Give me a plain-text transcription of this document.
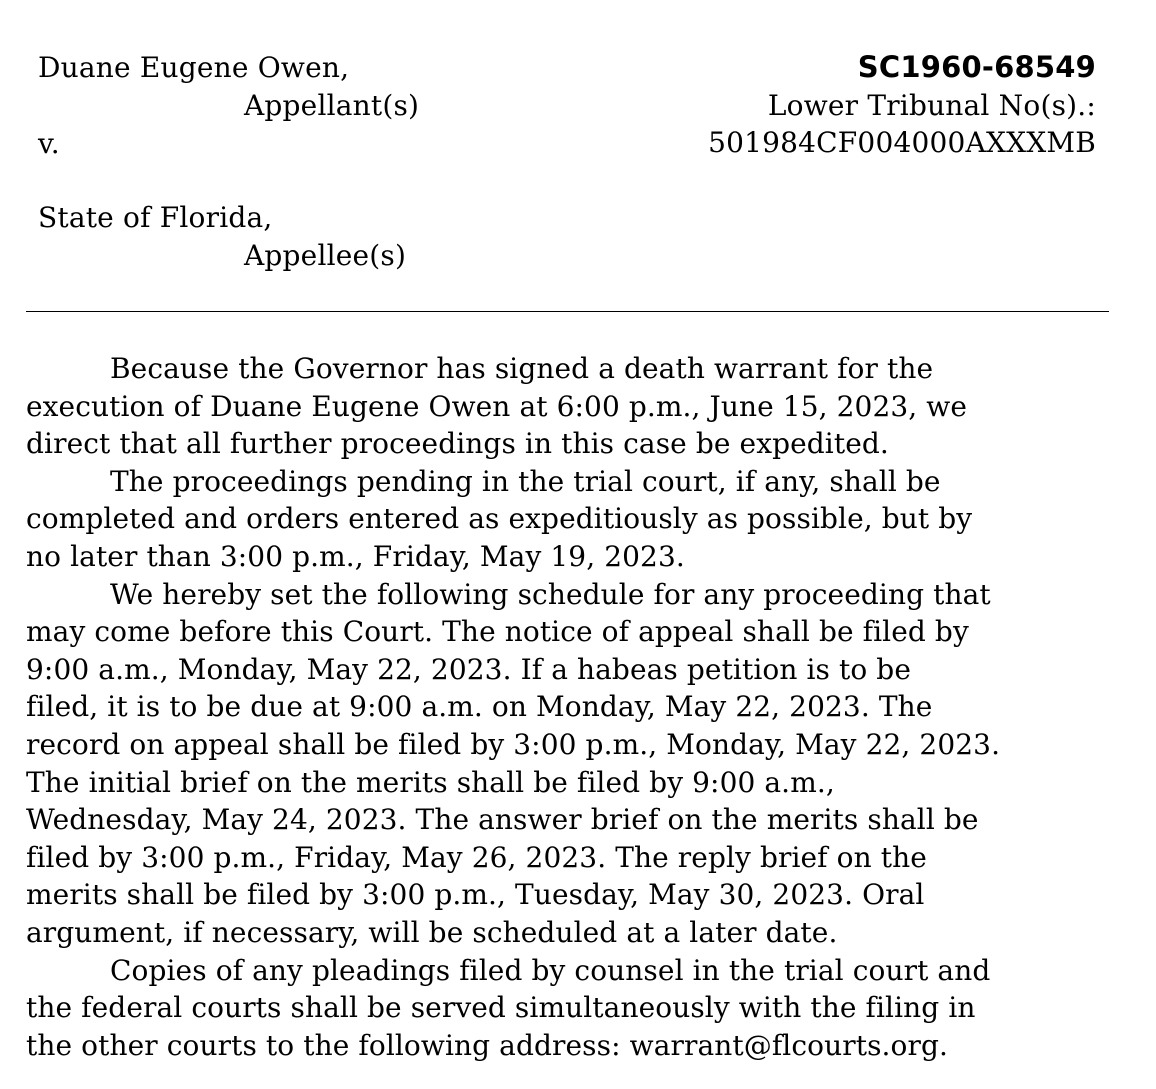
Duane Eugene Owen,
Appellant(s)
v.
State of Florida,
Appellee(s)
SC1960-68549
Lower Tribunal No(s).:
501984CF004000AXXXMB

Because the Governor has signed a death warrant for the
execution of Duane Eugene Owen at 6:00 p.m., June 15, 2023, we
direct that all further proceedings in this case be expedited.

The proceedings pending in the trial court, if any, shall be
completed and orders entered as expeditiously as possible, but by
no later than 3:00 p.m., Friday, May 19, 2023.

We hereby set the following schedule for any proceeding that
may come before this Court. The notice of appeal shall be filed by
9:00 a.m., Monday, May 22, 2023. If a habeas petition is to be
filed, it is to be due at 9:00 a.m. on Monday, May 22, 2023. The
record on appeal shall be filed by 3:00 p.m., Monday, May 22, 2023.
The initial brief on the merits shall be filed by 9:00 a.m.,
Wednesday, May 24, 2023. The answer brief on the merits shall be
filed by 3:00 p.m., Friday, May 26, 2023. The reply brief on the
merits shall be filed by 3:00 p.m., Tuesday, May 30, 2023. Oral
argument, if necessary, will be scheduled at a later date.

Copies of any pleadings filed by counsel in the trial court and
the federal courts shall be served simultaneously with the filing in
the other courts to the following address: warrant@flcourts.org.
